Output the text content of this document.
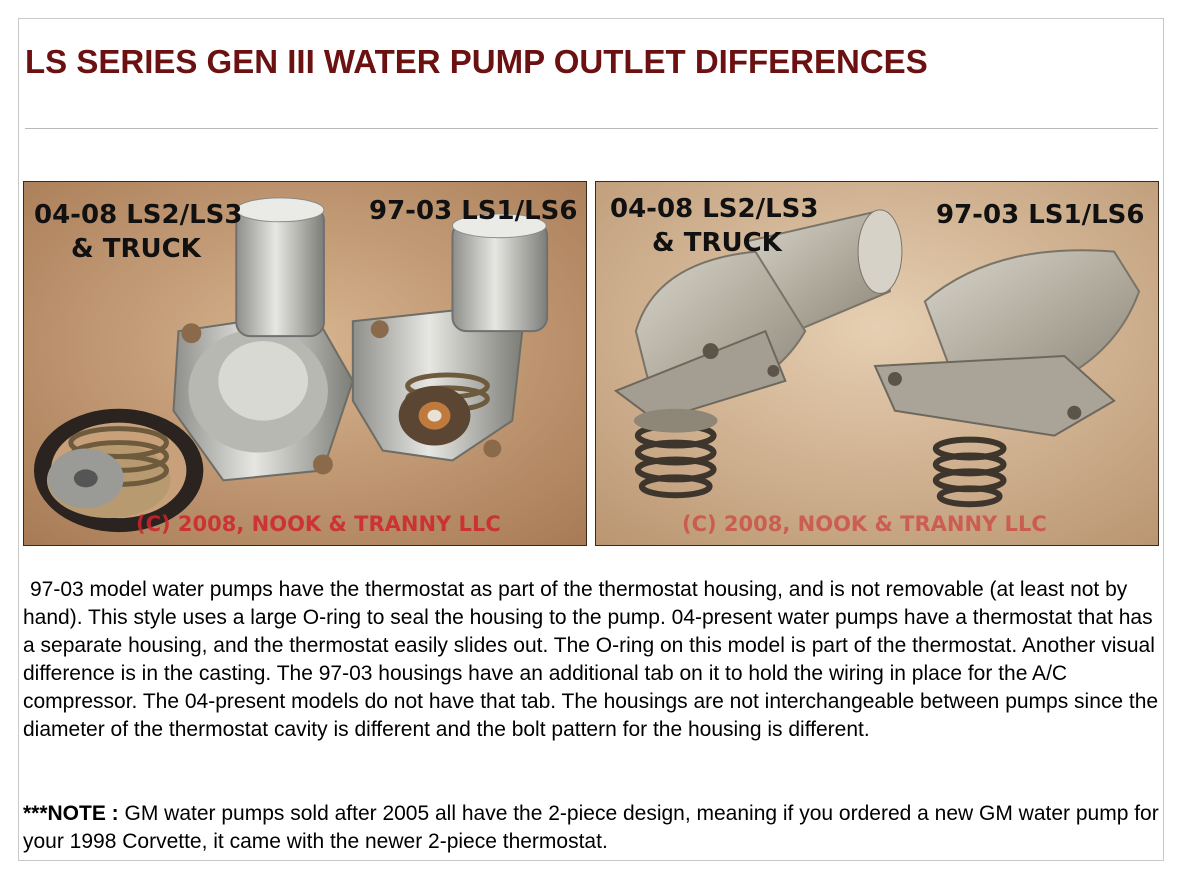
LS SERIES GEN III WATER PUMP OUTLET DIFFERENCES
04-08 LS2/LS3
& TRUCK
97-03 LS1/LS6
(C) 2008, NOOK & TRANNY LLC
04-08 LS2/LS3
& TRUCK
97-03 LS1/LS6
(C) 2008, NOOK & TRANNY LLC

97-03 model water pumps have the thermostat as part of the thermostat housing, and is not removable (at least not by hand). This style uses a large O-ring to seal the housing to the pump. 04-present water pumps have a thermostat that has a separate housing, and the thermostat easily slides out. The O-ring on this model is part of the thermostat. Another visual difference is in the casting. The 97-03 housings have an additional tab on it to hold the wiring in place for the A/C compressor. The 04-present models do not have that tab. The housings are not interchangeable between pumps since the diameter of the thermostat cavity is different and the bolt pattern for the housing is different.

***NOTE : GM water pumps sold after 2005 all have the 2-piece design, meaning if you ordered a new GM water pump for your 1998 Corvette, it came with the newer 2-piece thermostat.
